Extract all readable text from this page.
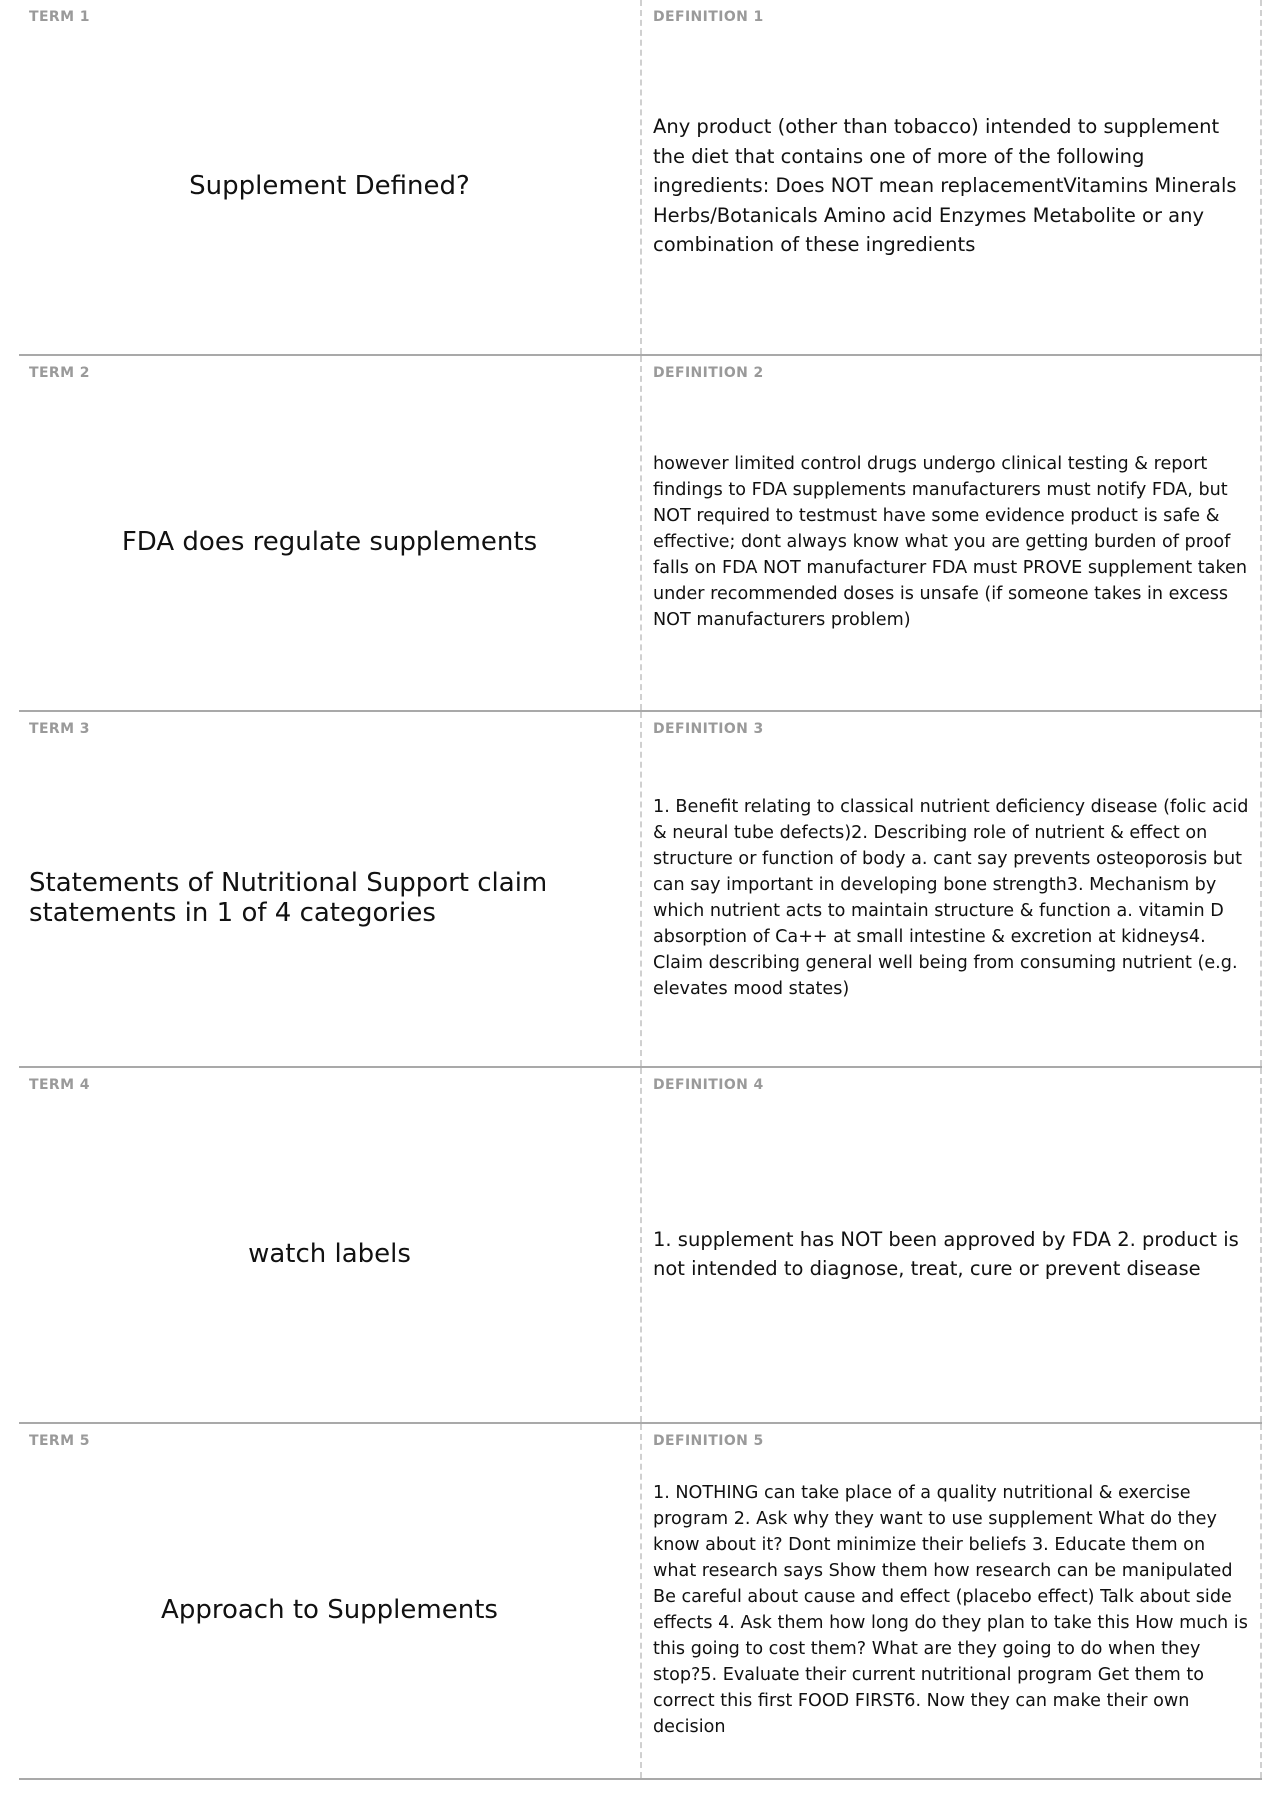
TERM 1
Supplement Defined?
DEFINITION 1
Any product (other than tobacco) intended to supplement the diet that contains one of more of the following ingredients: Does NOT mean replacementVitamins Minerals Herbs/Botanicals Amino acid Enzymes Metabolite or any combination of these ingredients
TERM 2
FDA does regulate supplements
DEFINITION 2
however limited control drugs undergo clinical testing & report findings to FDA supplements manufacturers must notify FDA, but NOT required to testmust have some evidence product is safe & effective; dont always know what you are getting burden of proof falls on FDA NOT manufacturer FDA must PROVE supplement taken under recommended doses is unsafe (if someone takes in excess NOT manufacturers problem)
TERM 3
Statements of Nutritional Support claim statements in 1 of 4 categories
DEFINITION 3
1. Benefit relating to classical nutrient deficiency disease (folic acid & neural tube defects)2. Describing role of nutrient & effect on structure or function of body a. cant say prevents osteoporosis but can say important in developing bone strength3. Mechanism by which nutrient acts to maintain structure & function a. vitamin D absorption of Ca++ at small intestine & excretion at kidneys4. Claim describing general well being from consuming nutrient (e.g. elevates mood states)
TERM 4
watch labels
DEFINITION 4
1. supplement has NOT been approved by FDA 2. product is not intended to diagnose, treat, cure or prevent disease
TERM 5
Approach to Supplements
DEFINITION 5
1. NOTHING can take place of a quality nutritional & exercise program 2. Ask why they want to use supplement What do they know about it? Dont minimize their beliefs 3. Educate them on what research says Show them how research can be manipulated Be careful about cause and effect (placebo effect) Talk about side effects 4. Ask them how long do they plan to take this How much is this going to cost them? What are they going to do when they stop?5. Evaluate their current nutritional program Get them to correct this first FOOD FIRST6. Now they can make their own decision
